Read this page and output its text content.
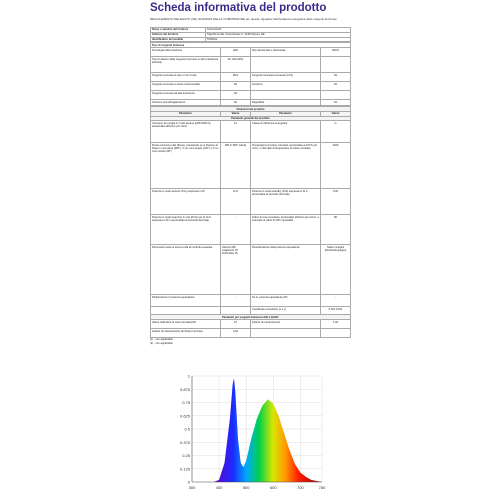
Scheda informativa del prodotto
REGOLAMENTO DELEGATO (UE) 2019/2015 DELLA COMMISSIONE per quanto riguarda l'etichettatura energetica delle sorgenti luminose
Nome o marchio del fornitore	TAGALIGHT
Indirizzo del fornitore	TagaTol GmbH, Kreuzstrasse 2, 41464 Neuss, DE
Identificativo del modello	TA00011
Tipo di sorgente luminosa			
Tecnologia d'illuminazione	LED	Non direzionale o direzionale	NDLS
Tipo di attacco della sorgente luminosa (o altra interfaccia elettrica)	AC 220-240V		
Sorgente luminosa di rete o non di rete	MLS	Sorgente luminosa connessa (CLS)	No
Sorgente luminosa a colore sintonizzabile	No	Involucro	No
Sorgente luminosa ad alta luminanza	No		
Schermo anti-abbagliamento	No	Regolabile	No
Parametri del prodotto			
Parametro	Valore	Parametro	Valore
Parametri generali del prodotto			
Consumo di energia in modo acceso (kWh/1000 h), arrotondato all'intero più vicino	12	Classe di efficienza energetica	G
Flusso luminoso utile (Φuse), precisando se si riferisce al flusso in una sfera (360°), in un cono ampio (120°) o in un cono stretto (90°)	380 in 360° (sfera)	Temperatura di colore correlata, arrotondata ai 100 K più vicini, o intervallo di temperature di colore correlate	3400
Potenza in modo acceso (Pon) espressa in W	11,8	Potenza in modo standby (Psb) espressa in W e arrotondata al secondo decimale	0,00
Potenza in modo stand-by in rete (Pnet) per le CLS espressa in W e arrotondata al secondo decimale	-	Indice di resa cromatica, arrotondato all'intero più vicino, o intervallo di valori di CRI impostabili	80
Dimensioni esterne senza unità di controllo separata	Altezza 180
Larghezza 78
Profondità 78	Rivendicazione della potenza equivalente	Nelle immagini dell'articolo/pagina
Dichiarazione di potenza equivalente	-	Se sì, potenza equivalente (W)	-
		Coordinate cromatiche (x e y)	0,400 0,401
Parametri per sorgenti luminose LED e OLED:			
Valore dell'indice di resa cromatica R9	10	Fattore di mantenimento	1,00
Fattore di mantenimento del flusso luminoso	0,94		
(1) - non applicabile
(2) - non applicabile
0
0.125
0.25
0.375
0.5
0.625
0.75
0.875
1
300	400	500	600	700	780
